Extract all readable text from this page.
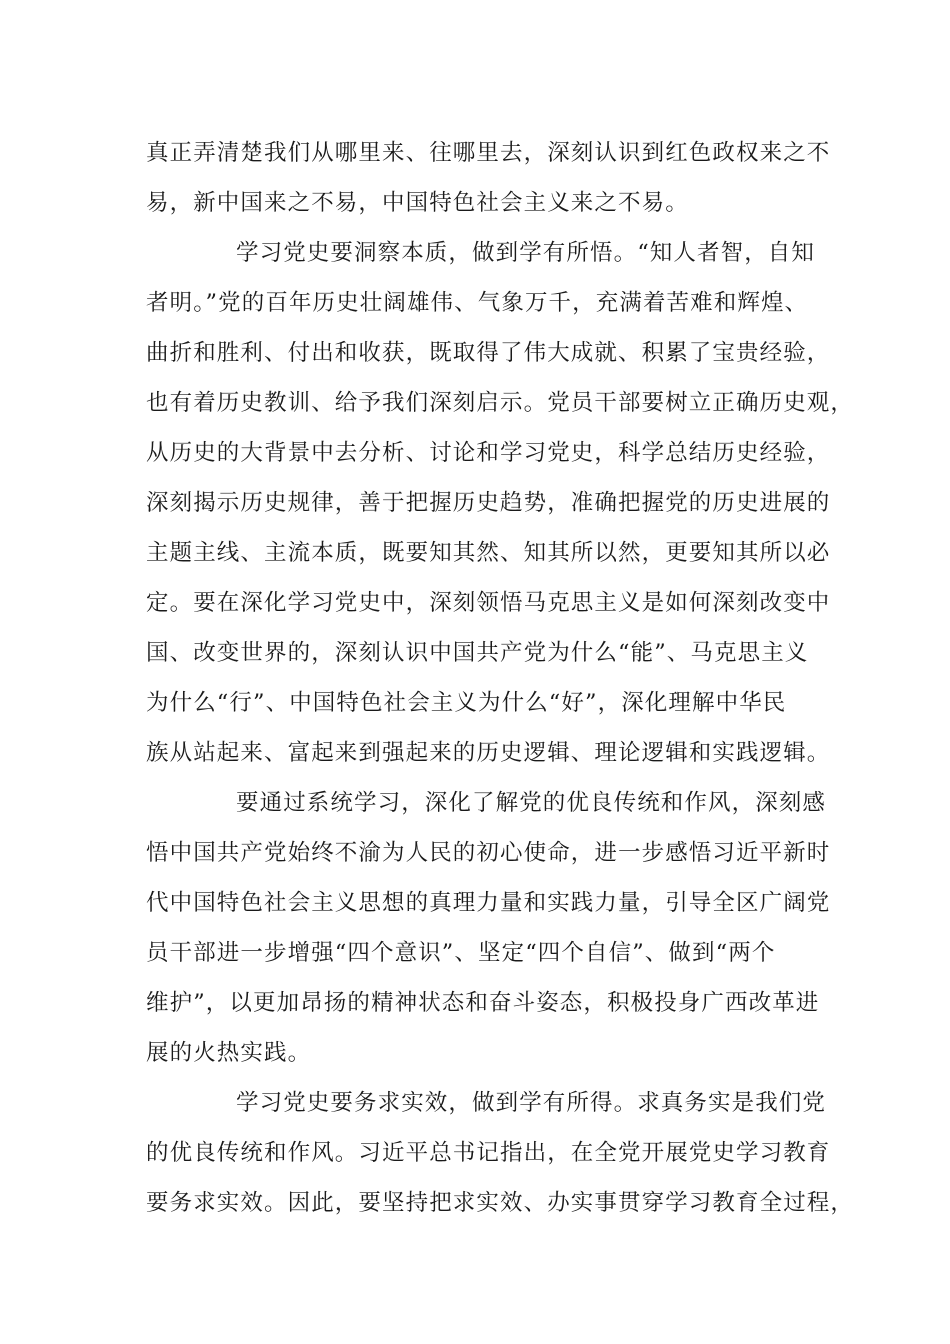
真正弄清楚我们从哪里来、往哪里去，深刻认识到红色政权来之不
易，新中国来之不易，中国特色社会主义来之不易。
学习党史要洞察本质，做到学有所悟。“知人者智，自知
者明。”党的百年历史壮阔雄伟、气象万千，充满着苦难和辉煌、
曲折和胜利、付出和收获，既取得了伟大成就、积累了宝贵经验，
也有着历史教训、给予我们深刻启示。党员干部要树立正确历史观，
从历史的大背景中去分析、讨论和学习党史，科学总结历史经验，
深刻揭示历史规律，善于把握历史趋势，准确把握党的历史进展的
主题主线、主流本质，既要知其然、知其所以然，更要知其所以必
定。要在深化学习党史中，深刻领悟马克思主义是如何深刻改变中
国、改变世界的，深刻认识中国共产党为什么“能”、马克思主义
为什么“行”、中国特色社会主义为什么“好”，深化理解中华民
族从站起来、富起来到强起来的历史逻辑、理论逻辑和实践逻辑。
要通过系统学习，深化了解党的优良传统和作风，深刻感
悟中国共产党始终不渝为人民的初心使命，进一步感悟习近平新时
代中国特色社会主义思想的真理力量和实践力量，引导全区广阔党
员干部进一步增强“四个意识”、坚定“四个自信”、做到“两个
维护”，以更加昂扬的精神状态和奋斗姿态，积极投身广西改革进
展的火热实践。
学习党史要务求实效，做到学有所得。求真务实是我们党
的优良传统和作风。习近平总书记指出，在全党开展党史学习教育
要务求实效。因此，要坚持把求实效、办实事贯穿学习教育全过程，
